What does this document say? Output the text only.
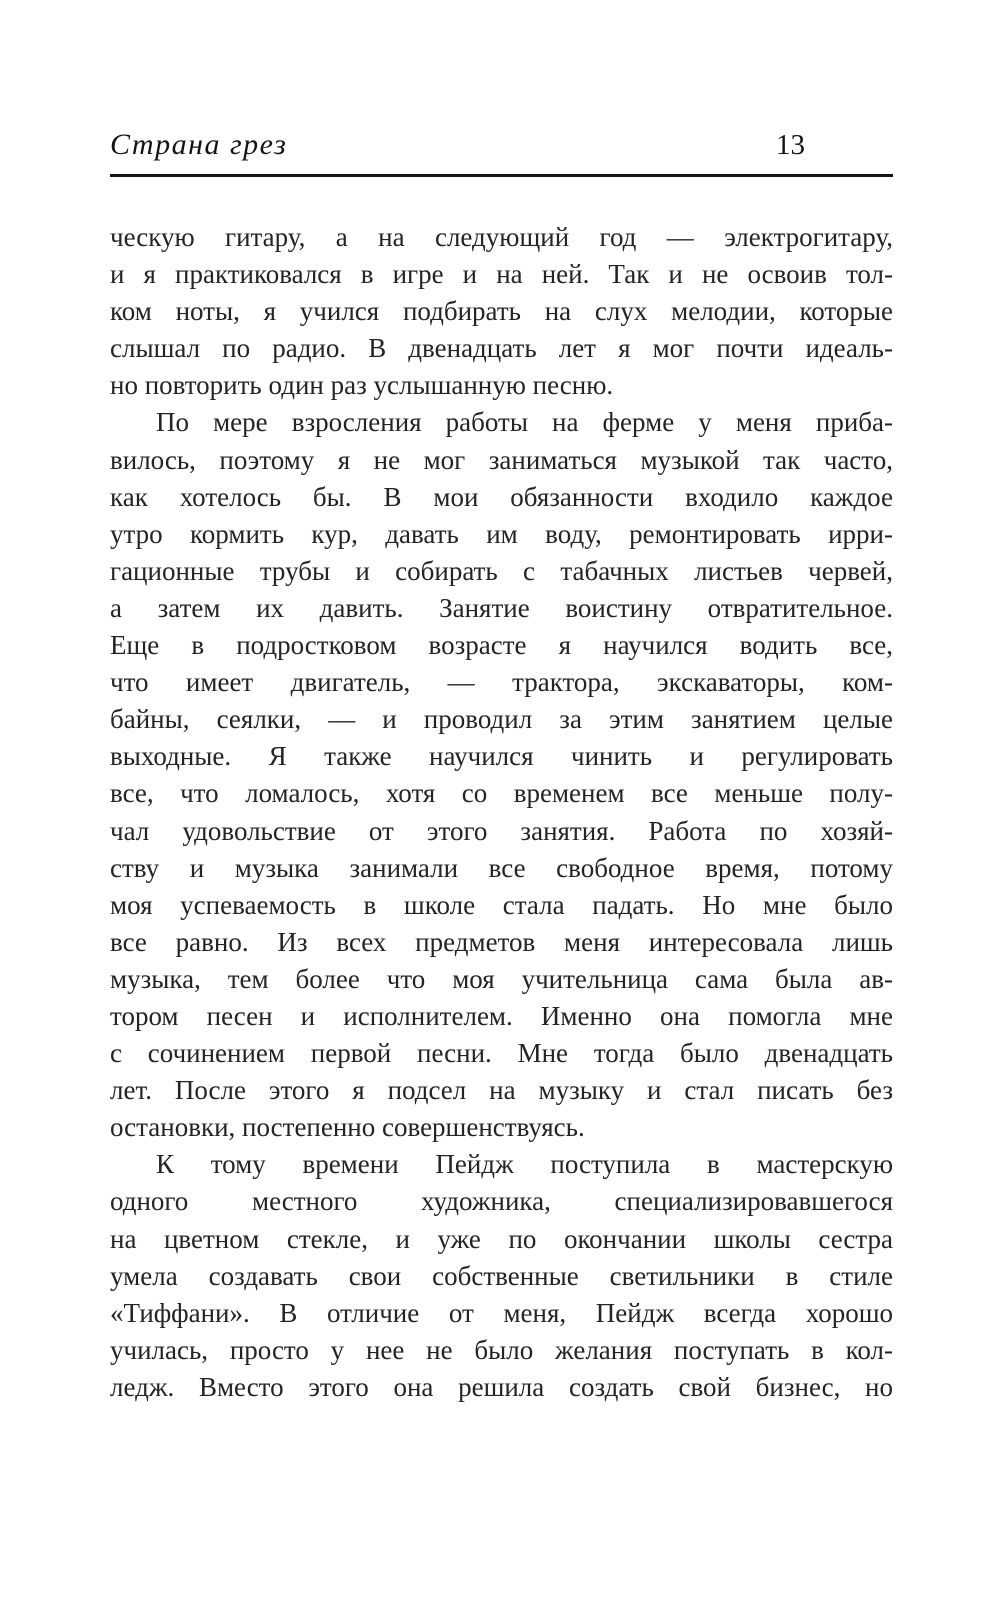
Страна грез	13
ческую гитару, а на следующий год — электрогитару,
и я практиковался в игре и на ней. Так и не освоив тол-
ком ноты, я учился подбирать на слух мелодии, которые
слышал по радио. В двенадцать лет я мог почти идеаль-
но повторить один раз услышанную песню.
По мере взросления работы на ферме у меня приба-
вилось, поэтому я не мог заниматься музыкой так часто,
как хотелось бы. В мои обязанности входило каждое
утро кормить кур, давать им воду, ремонтировать ирри-
гационные трубы и собирать с табачных листьев червей,
а затем их давить. Занятие воистину отвратительное.
Еще в подростковом возрасте я научился водить все,
что имеет двигатель, — трактора, экскаваторы, ком-
байны, сеялки, — и проводил за этим занятием целые
выходные. Я также научился чинить и регулировать
все, что ломалось, хотя со временем все меньше полу-
чал удовольствие от этого занятия. Работа по хозяй-
ству и музыка занимали все свободное время, потому
моя успеваемость в школе стала падать. Но мне было
все равно. Из всех предметов меня интересовала лишь
музыка, тем более что моя учительница сама была ав-
тором песен и исполнителем. Именно она помогла мне
с сочинением первой песни. Мне тогда было двенадцать
лет. После этого я подсел на музыку и стал писать без
остановки, постепенно совершенствуясь.
К тому времени Пейдж поступила в мастерскую
одного местного художника, специализировавшегося
на цветном стекле, и уже по окончании школы сестра
умела создавать свои собственные светильники в стиле
«Тиффани». В отличие от меня, Пейдж всегда хорошо
училась, просто у нее не было желания поступать в кол-
ледж. Вместо этого она решила создать свой бизнес, но
